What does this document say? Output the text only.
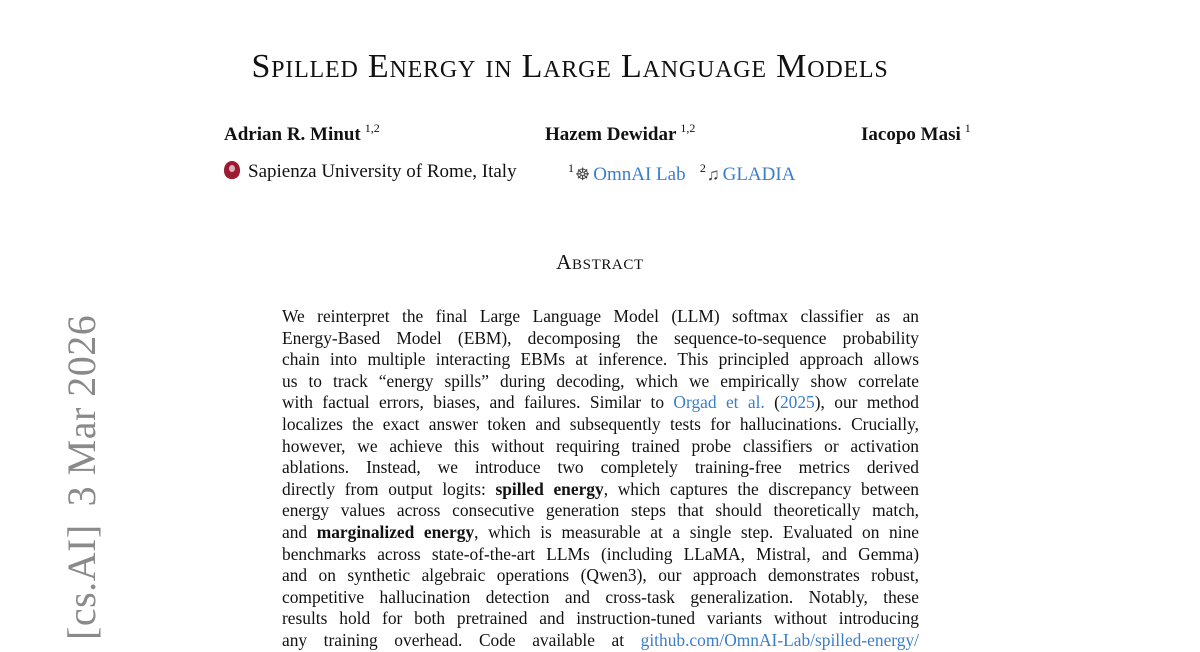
[cs.AI]3 Mar 2026
Spilled Energy in Large Language Models
Adrian R. Minut $^{1,2}$	Hazem Dewidar $^{1,2}$	Iacopo Masi $^1$
Sapienza University of Rome, Italy	$^1$☸ OmnAI Lab $^2$♫ GLADIA
Abstract
We reinterpret the final Large Language Model (LLM) softmax classifier as an
Energy-Based Model (EBM), decomposing the sequence-to-sequence probability
chain into multiple interacting EBMs at inference. This principled approach allows
us to track “energy spills” during decoding, which we empirically show correlate
with factual errors, biases, and failures. Similar to Orgad et al. (2025), our method
localizes the exact answer token and subsequently tests for hallucinations. Crucially,
however, we achieve this without requiring trained probe classifiers or activation
ablations. Instead, we introduce two completely training-free metrics derived
directly from output logits: spilled energy, which captures the discrepancy between
energy values across consecutive generation steps that should theoretically match,
and marginalized energy, which is measurable at a single step. Evaluated on nine
benchmarks across state-of-the-art LLMs (including LLaMA, Mistral, and Gemma)
and on synthetic algebraic operations (Qwen3), our approach demonstrates robust,
competitive hallucination detection and cross-task generalization. Notably, these
results hold for both pretrained and instruction-tuned variants without introducing
any training overhead. Code available at github.com/OmnAI-Lab/spilled-energy/
